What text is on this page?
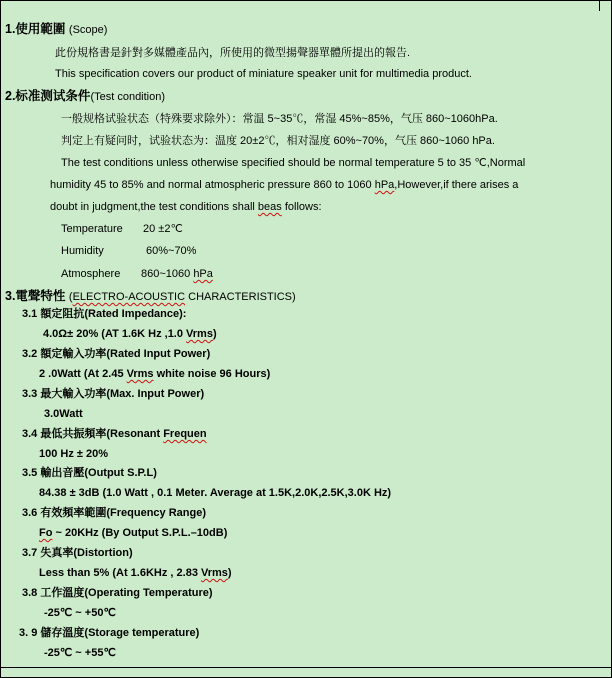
1.使用範圍 (Scope)
此份規格書是針對多媒體產品內，所使用的微型揚聲器單體所提出的報告.
This specification covers our product of miniature speaker unit for multimedia product.
2.标准测试条件(Test condition)
一般规格试验状态（特殊要求除外）：常温 5~35℃，常湿 45%~85%，气压 860~1060hPa.
判定上有疑问时，试验状态为：温度 20±2℃，相对湿度 60%~70%，气压 860~1060 hPa.
The test conditions unless otherwise specified should be normal temperature 5 to 35 ℃,Normal
humidity 45 to 85% and normal atmospheric pressure 860 to 1060 hPa,However,if there arises a
doubt in judgment,the test conditions shall beas follows:
Temperature 20 ±2℃
Humidity	60%~70%
Atmosphere 860~1060 hPa
3.電聲特性 (ELECTRO-ACOUSTIC CHARACTERISTICS)
3.1 額定阻抗(Rated Impedance):
4.0Ω± 20% (AT 1.6K Hz ,1.0 Vrms)
3.2 額定輸入功率(Rated Input Power)
2 .0Watt (At 2.45 Vrms white noise 96 Hours)
3.3 最大輸入功率(Max. Input Power)
3.0Watt
3.4 最低共振頻率(Resonant Frequen
100 Hz ± 20%
3.5 輸出音壓(Output S.P.L)
84.38 ± 3dB (1.0 Watt , 0.1 Meter. Average at 1.5K,2.0K,2.5K,3.0K Hz)
3.6 有效頻率範圍(Frequency Range)
Fo ~ 20KHz (By Output S.P.L.–10dB)
3.7 失真率(Distortion)
Less than 5% (At 1.6KHz , 2.83 Vrms)
3.8 工作溫度(Operating Temperature)
-25℃ ~ +50℃
3. 9 儲存溫度(Storage temperature)
-25℃ ~ +55℃
